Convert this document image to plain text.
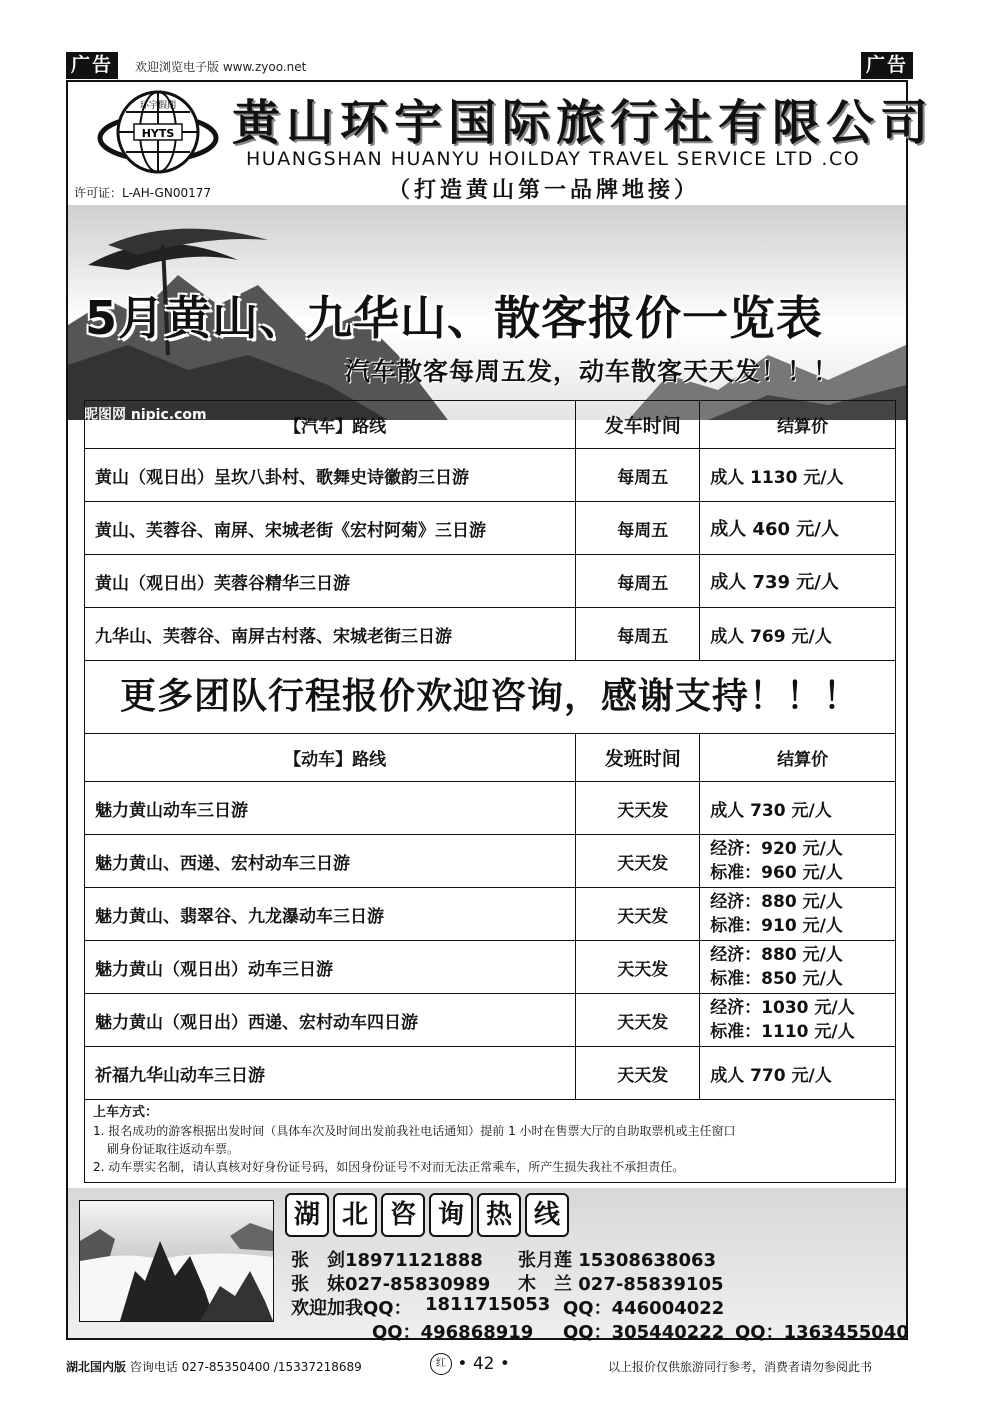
广告	广告
欢迎浏览电子版 www.zyoo.net
HYTS
环宇假期 黄山环宇国际旅行社有限公司
HUANGSHAN HUANYU HOILDAY TRAVEL SERVICE LTD .CO
（打造黄山第一品牌地接）
许可证：L-AH-GN00177
5月黄山、九华山、散客报价一览表
汽车散客每周五发，动车散客天天发！！！
昵图网 nipic.com
【汽车】路线	发车时间	结算价
黄山（观日出）呈坎八卦村、歌舞史诗徽韵三日游	每周五	成人 1130 元/人
黄山、芙蓉谷、南屏、宋城老街《宏村阿菊》三日游	每周五	成人 460 元/人
黄山（观日出）芙蓉谷精华三日游	每周五	成人 739 元/人
九华山、芙蓉谷、南屏古村落、宋城老街三日游	每周五	成人 769 元/人
更多团队行程报价欢迎咨询，感谢支持！！！
【动车】路线	发班时间	结算价
魅力黄山动车三日游	天天发	成人 730 元/人
魅力黄山、西递、宏村动车三日游	天天发	经济：920 元/人
标准：960 元/人

魅力黄山、翡翠谷、九龙瀑动车三日游	天天发	经济：880 元/人
标准：910 元/人

魅力黄山（观日出）动车三日游	天天发	经济：880 元/人
标准：850 元/人

魅力黄山（观日出）西递、宏村动车四日游	天天发	经济：1030 元/人
标准：1110 元/人

祈福九华山动车三日游	天天发	成人 770 元/人
上车方式：
1. 报名成功的游客根据出发时间（具体车次及时间出发前我社电话通知）提前 1 小时在售票大厅的自助取票机或主任窗口
刷身份证取往返动车票。
2. 动车票实名制，请认真核对好身份证号码，如因身份证号不对而无法正常乘车，所产生损失我社不承担责任。
湖 北 咨 询 热 线
张　剑18971121888 张月莲 15308638063
张　妹027-85830989 木　兰 027-85839105
欢迎加我QQ： 1811715053 QQ：446004022
QQ：496868919 QQ：305440222 QQ：1363455040
湖北国内版 咨询电话 027-85350400 /15337218689	红 • 42 •	以上报价仅供旅游同行参考，消费者请勿参阅此书
